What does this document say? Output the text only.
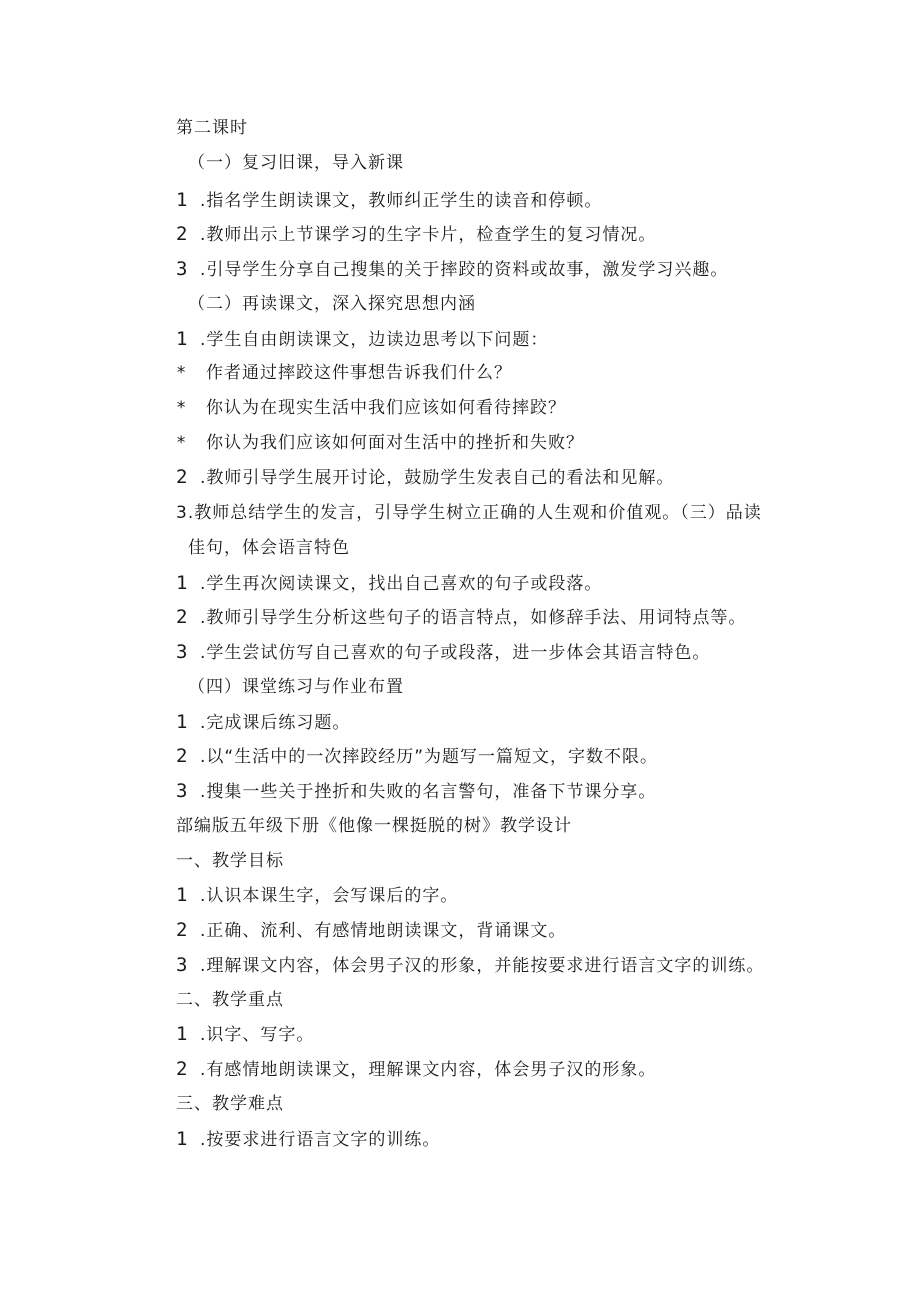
第二课时
（一）复习旧课，导入新课
1 .指名学生朗读课文，教师纠正学生的读音和停顿。
2 .教师出示上节课学习的生字卡片，检查学生的复习情况。
3 .引导学生分享自己搜集的关于摔跤的资料或故事，激发学习兴趣。
（二）再读课文，深入探究思想内涵
1 .学生自由朗读课文，边读边思考以下问题：
* 作者通过摔跤这件事想告诉我们什么？
* 你认为在现实生活中我们应该如何看待摔跤？
* 你认为我们应该如何面对生活中的挫折和失败？
2 .教师引导学生展开讨论，鼓励学生发表自己的看法和见解。
3.教师总结学生的发言，引导学生树立正确的人生观和价值观。（三）品读
佳句，体会语言特色
1 .学生再次阅读课文，找出自己喜欢的句子或段落。
2 .教师引导学生分析这些句子的语言特点，如修辞手法、用词特点等。
3 .学生尝试仿写自己喜欢的句子或段落，进一步体会其语言特色。
（四）课堂练习与作业布置
1 .完成课后练习题。
2 .以“生活中的一次摔跤经历”为题写一篇短文，字数不限。
3 .搜集一些关于挫折和失败的名言警句，准备下节课分享。
部编版五年级下册《他像一棵挺脱的树》教学设计
一、教学目标
1 .认识本课生字，会写课后的字。
2 .正确、流利、有感情地朗读课文，背诵课文。
3 .理解课文内容，体会男子汉的形象，并能按要求进行语言文字的训练。
二、教学重点
1 .识字、写字。
2 .有感情地朗读课文，理解课文内容，体会男子汉的形象。
三、教学难点
1 .按要求进行语言文字的训练。
